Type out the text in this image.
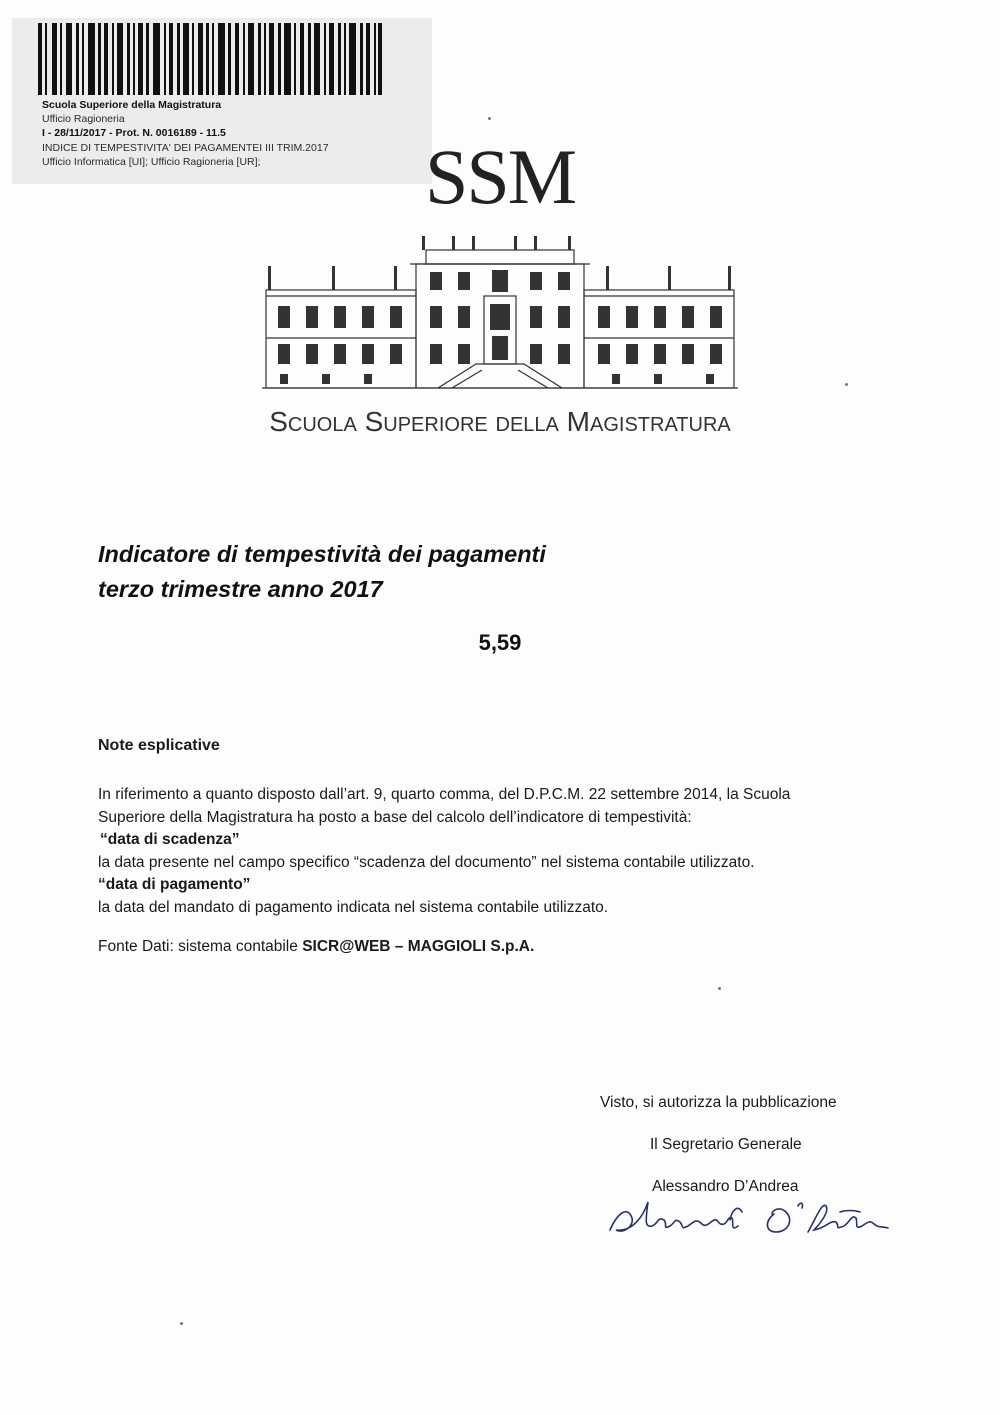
Scuola Superiore della Magistratura
Ufficio Ragioneria
I - 28/11/2017 - Prot. N. 0016189 - 11.5
INDICE DI TEMPESTIVITA' DEI PAGAMENTEI III TRIM.2017
Ufficio Informatica [UI]; Ufficio Ragioneria [UR];	SSM
Scuola Superiore della Magistratura
Indicatore di tempestività dei pagamenti
terzo trimestre anno 2017
5,59
Note esplicative

In riferimento a quanto disposto dall’art. 9, quarto comma, del D.P.C.M. 22 settembre 2014, la Scuola

Superiore della Magistratura ha posto a base del calcolo dell’indicatore di tempestività:

“data di scadenza”

la data presente nel campo specifico “scadenza del documento” nel sistema contabile utilizzato.

“data di pagamento”

la data del mandato di pagamento indicata nel sistema contabile utilizzato.

Fonte Dati: sistema contabile SICR@WEB – MAGGIOLI S.p.A.
Visto, si autorizza la pubblicazione
Il Segretario Generale
Alessandro D’Andrea
